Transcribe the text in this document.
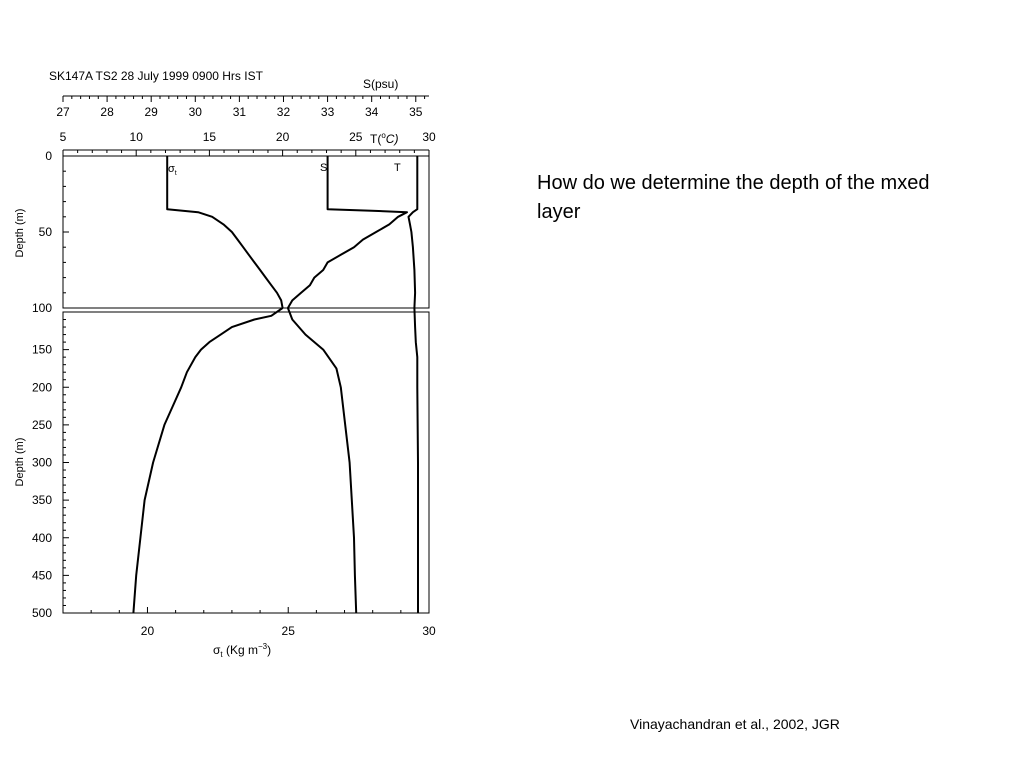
SK147A TS2 28 July 1999 0900 Hrs IST
S(psu)
T($^o$C)
$\sigma_t$ (Kg $m^{-3}$)
Depth (m)
Depth (m)
$\sigma_t$	S	T
27	28	29	30	31	32	33	34	35
5	10	15	20	25	30
20	25	30
0
50
100
150
200
250
300
350
400
450
500
How do we determine the depth of the mxed layer
Vinayachandran et al., 2002, JGR
